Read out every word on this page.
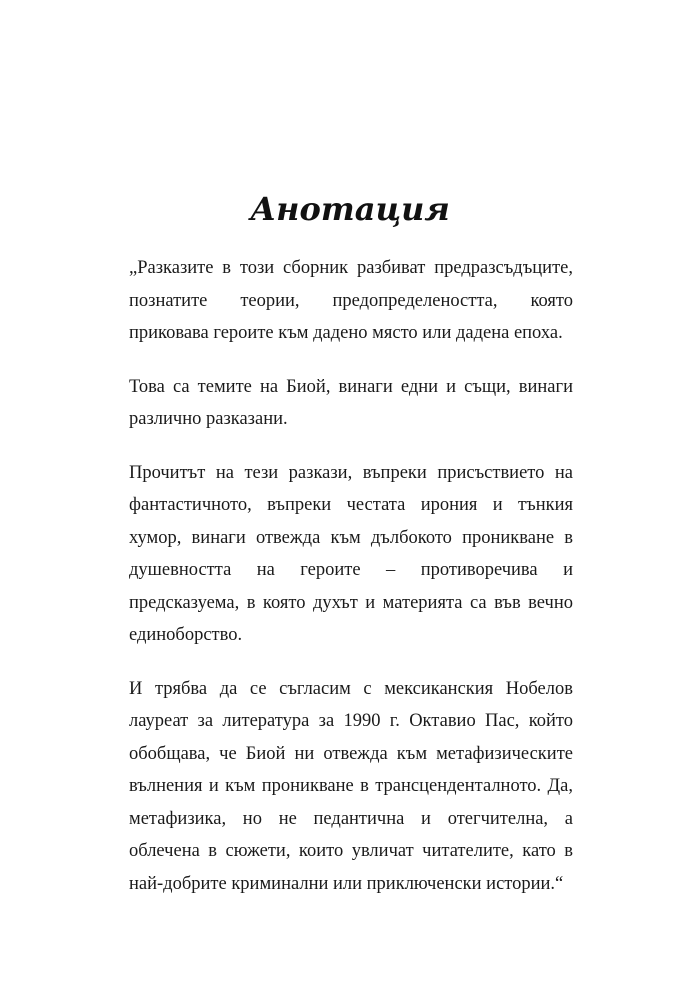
Анотация

„Разказите в този сборник разбиват предразсъдъците,
познатите теории, предопределеността, която
приковава героите към дадено място или дадена епоха.

Това са темите на Биой, винаги едни и същи, винаги
различно разказани.

Прочитът на тези разкази, въпреки присъствието на
фантастичното, въпреки честата ирония и тънкия
хумор, винаги отвежда към дълбокото проникване в
душевността на героите – противоречива и
предсказуема, в която духът и материята са във вечно
единоборство.

И трябва да се съгласим с мексиканския Нобелов
лауреат за литература за 1990 г. Октавио Пас, който
обобщава, че Биой ни отвежда към метафизическите
вълнения и към проникване в трансценденталното. Да,
метафизика, но не педантична и отегчителна, а
облечена в сюжети, които увличат читателите, като в
най-добрите криминални или приключенски истории.“
